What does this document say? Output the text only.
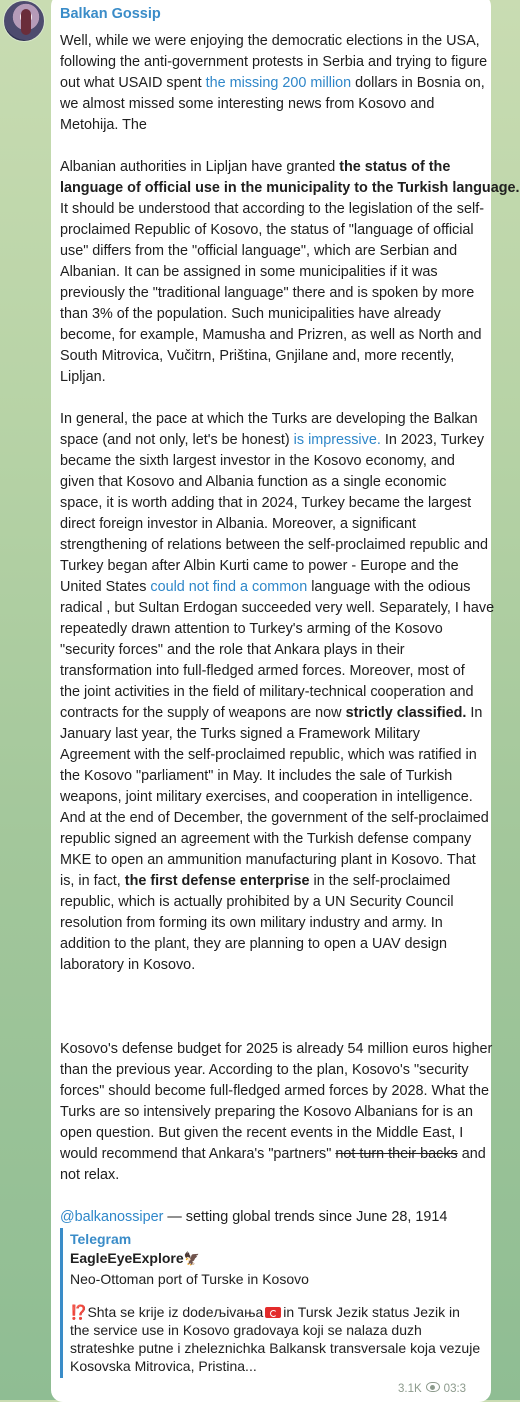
Balkan Gossip
Well, while we were enjoying the democratic elections in the USA,
following the anti-government protests in Serbia and trying to figure
out what USAID spent the missing 200 million dollars in Bosnia on,
we almost missed some interesting news from Kosovo and
Metohija. The
Albanian authorities in Lipljan have granted the status of the
language of official use in the municipality to the Turkish language.
It should be understood that according to the legislation of the self-
proclaimed Republic of Kosovo, the status of "language of official
use" differs from the "official language", which are Serbian and
Albanian. It can be assigned in some municipalities if it was
previously the "traditional language" there and is spoken by more
than 3% of the population. Such municipalities have already
become, for example, Mamusha and Prizren, as well as North and
South Mitrovica, Vučitrn, Priština, Gnjilane and, more recently,
Lipljan.
In general, the pace at which the Turks are developing the Balkan
space (and not only, let's be honest) is impressive. In 2023, Turkey
became the sixth largest investor in the Kosovo economy, and
given that Kosovo and Albania function as a single economic
space, it is worth adding that in 2024, Turkey became the largest
direct foreign investor in Albania. Moreover, a significant
strengthening of relations between the self-proclaimed republic and
Turkey began after Albin Kurti came to power - Europe and the
United States could not find a common language with the odious
radical , but Sultan Erdogan succeeded very well. Separately, I have
repeatedly drawn attention to Turkey's arming of the Kosovo
"security forces" and the role that Ankara plays in their
transformation into full-fledged armed forces. Moreover, most of
the joint activities in the field of military-technical cooperation and
contracts for the supply of weapons are now strictly classified. In
January last year, the Turks signed a Framework Military
Agreement with the self-proclaimed republic, which was ratified in
the Kosovo "parliament" in May. It includes the sale of Turkish
weapons, joint military exercises, and cooperation in intelligence.
And at the end of December, the government of the self-proclaimed
republic signed an agreement with the Turkish defense company
MKE to open an ammunition manufacturing plant in Kosovo. That
is, in fact, the first defense enterprise in the self-proclaimed
republic, which is actually prohibited by a UN Security Council
resolution from forming its own military industry and army. In
addition to the plant, they are planning to open a UAV design
laboratory in Kosovo.
Kosovo's defense budget for 2025 is already 54 million euros higher
than the previous year. According to the plan, Kosovo's "security
forces" should become full-fledged armed forces by 2028. What the
Turks are so intensively preparing the Kosovo Albanians for is an
open question. But given the recent events in the Middle East, I
would recommend that Ankara's "partners" not turn their backs and
not relax.
@balkanossiper — setting global trends since June 28, 1914
Telegram
EagleEyeExplore🦅
Neo-Ottoman port of Turske in Kosovo
⁉️Shta se krije iz dodeљivaњa in Tursk Jezik status Jezik in
the service use in Kosovo gradovaya koji se nalaza duzh
strateshke putne i zheleznichka Balkansk transversale koja vezuje
Kosovska Mitrovica, Pristina...
3.1K 03:3
